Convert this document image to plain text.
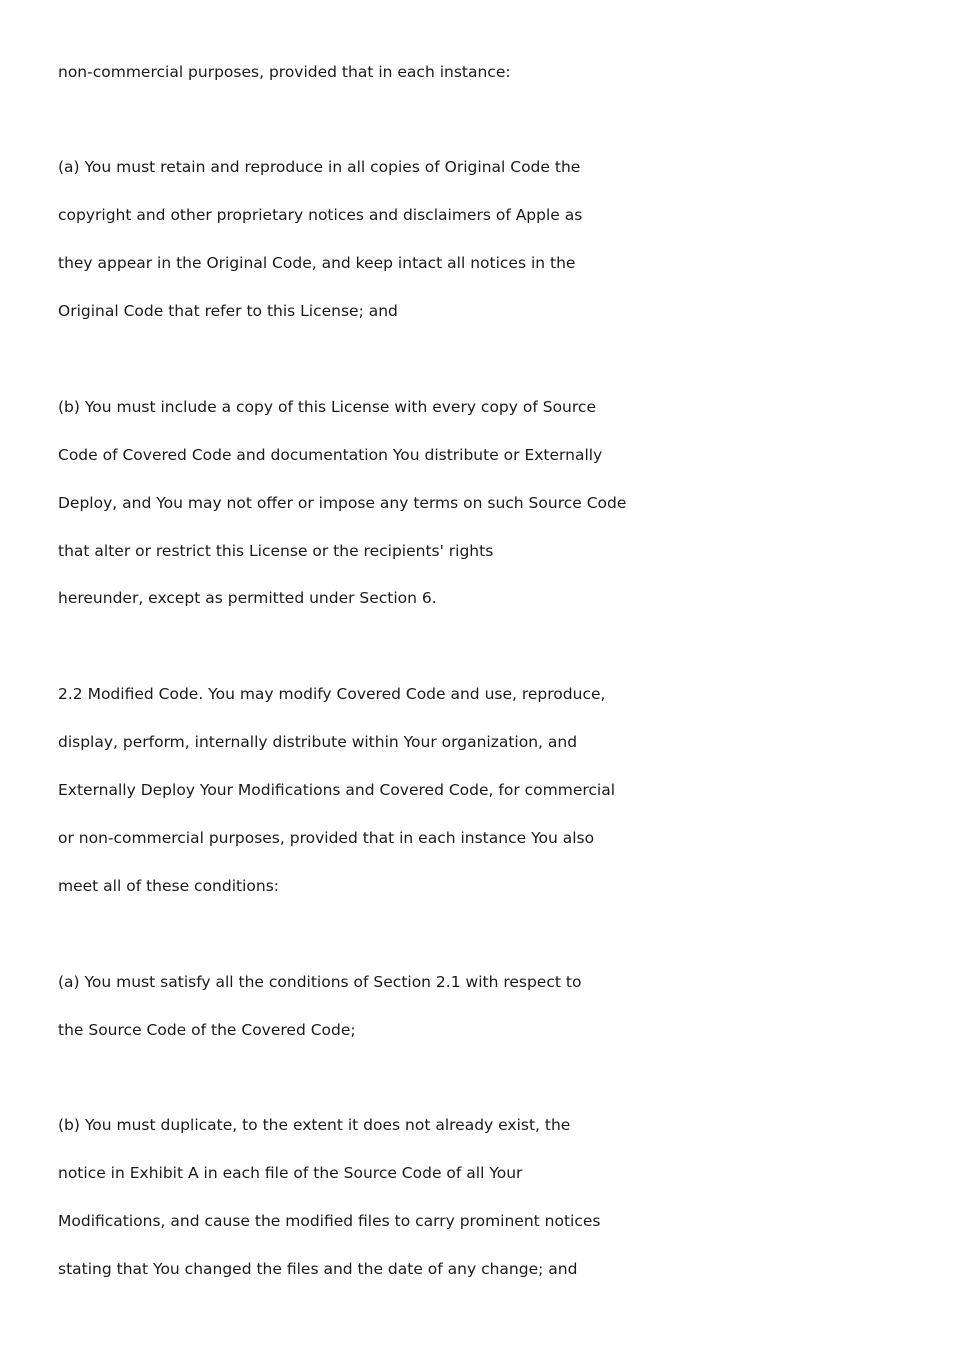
non-commercial purposes, provided that in each instance:

(a) You must retain and reproduce in all copies of Original Code the

copyright and other proprietary notices and disclaimers of Apple as

they appear in the Original Code, and keep intact all notices in the

Original Code that refer to this License; and

(b) You must include a copy of this License with every copy of Source

Code of Covered Code and documentation You distribute or Externally

Deploy, and You may not offer or impose any terms on such Source Code

that alter or restrict this License or the recipients' rights

hereunder, except as permitted under Section 6.

2.2 Modified Code. You may modify Covered Code and use, reproduce,

display, perform, internally distribute within Your organization, and

Externally Deploy Your Modifications and Covered Code, for commercial

or non-commercial purposes, provided that in each instance You also

meet all of these conditions:

(a) You must satisfy all the conditions of Section 2.1 with respect to

the Source Code of the Covered Code;

(b) You must duplicate, to the extent it does not already exist, the

notice in Exhibit A in each file of the Source Code of all Your

Modifications, and cause the modified files to carry prominent notices

stating that You changed the files and the date of any change; and
